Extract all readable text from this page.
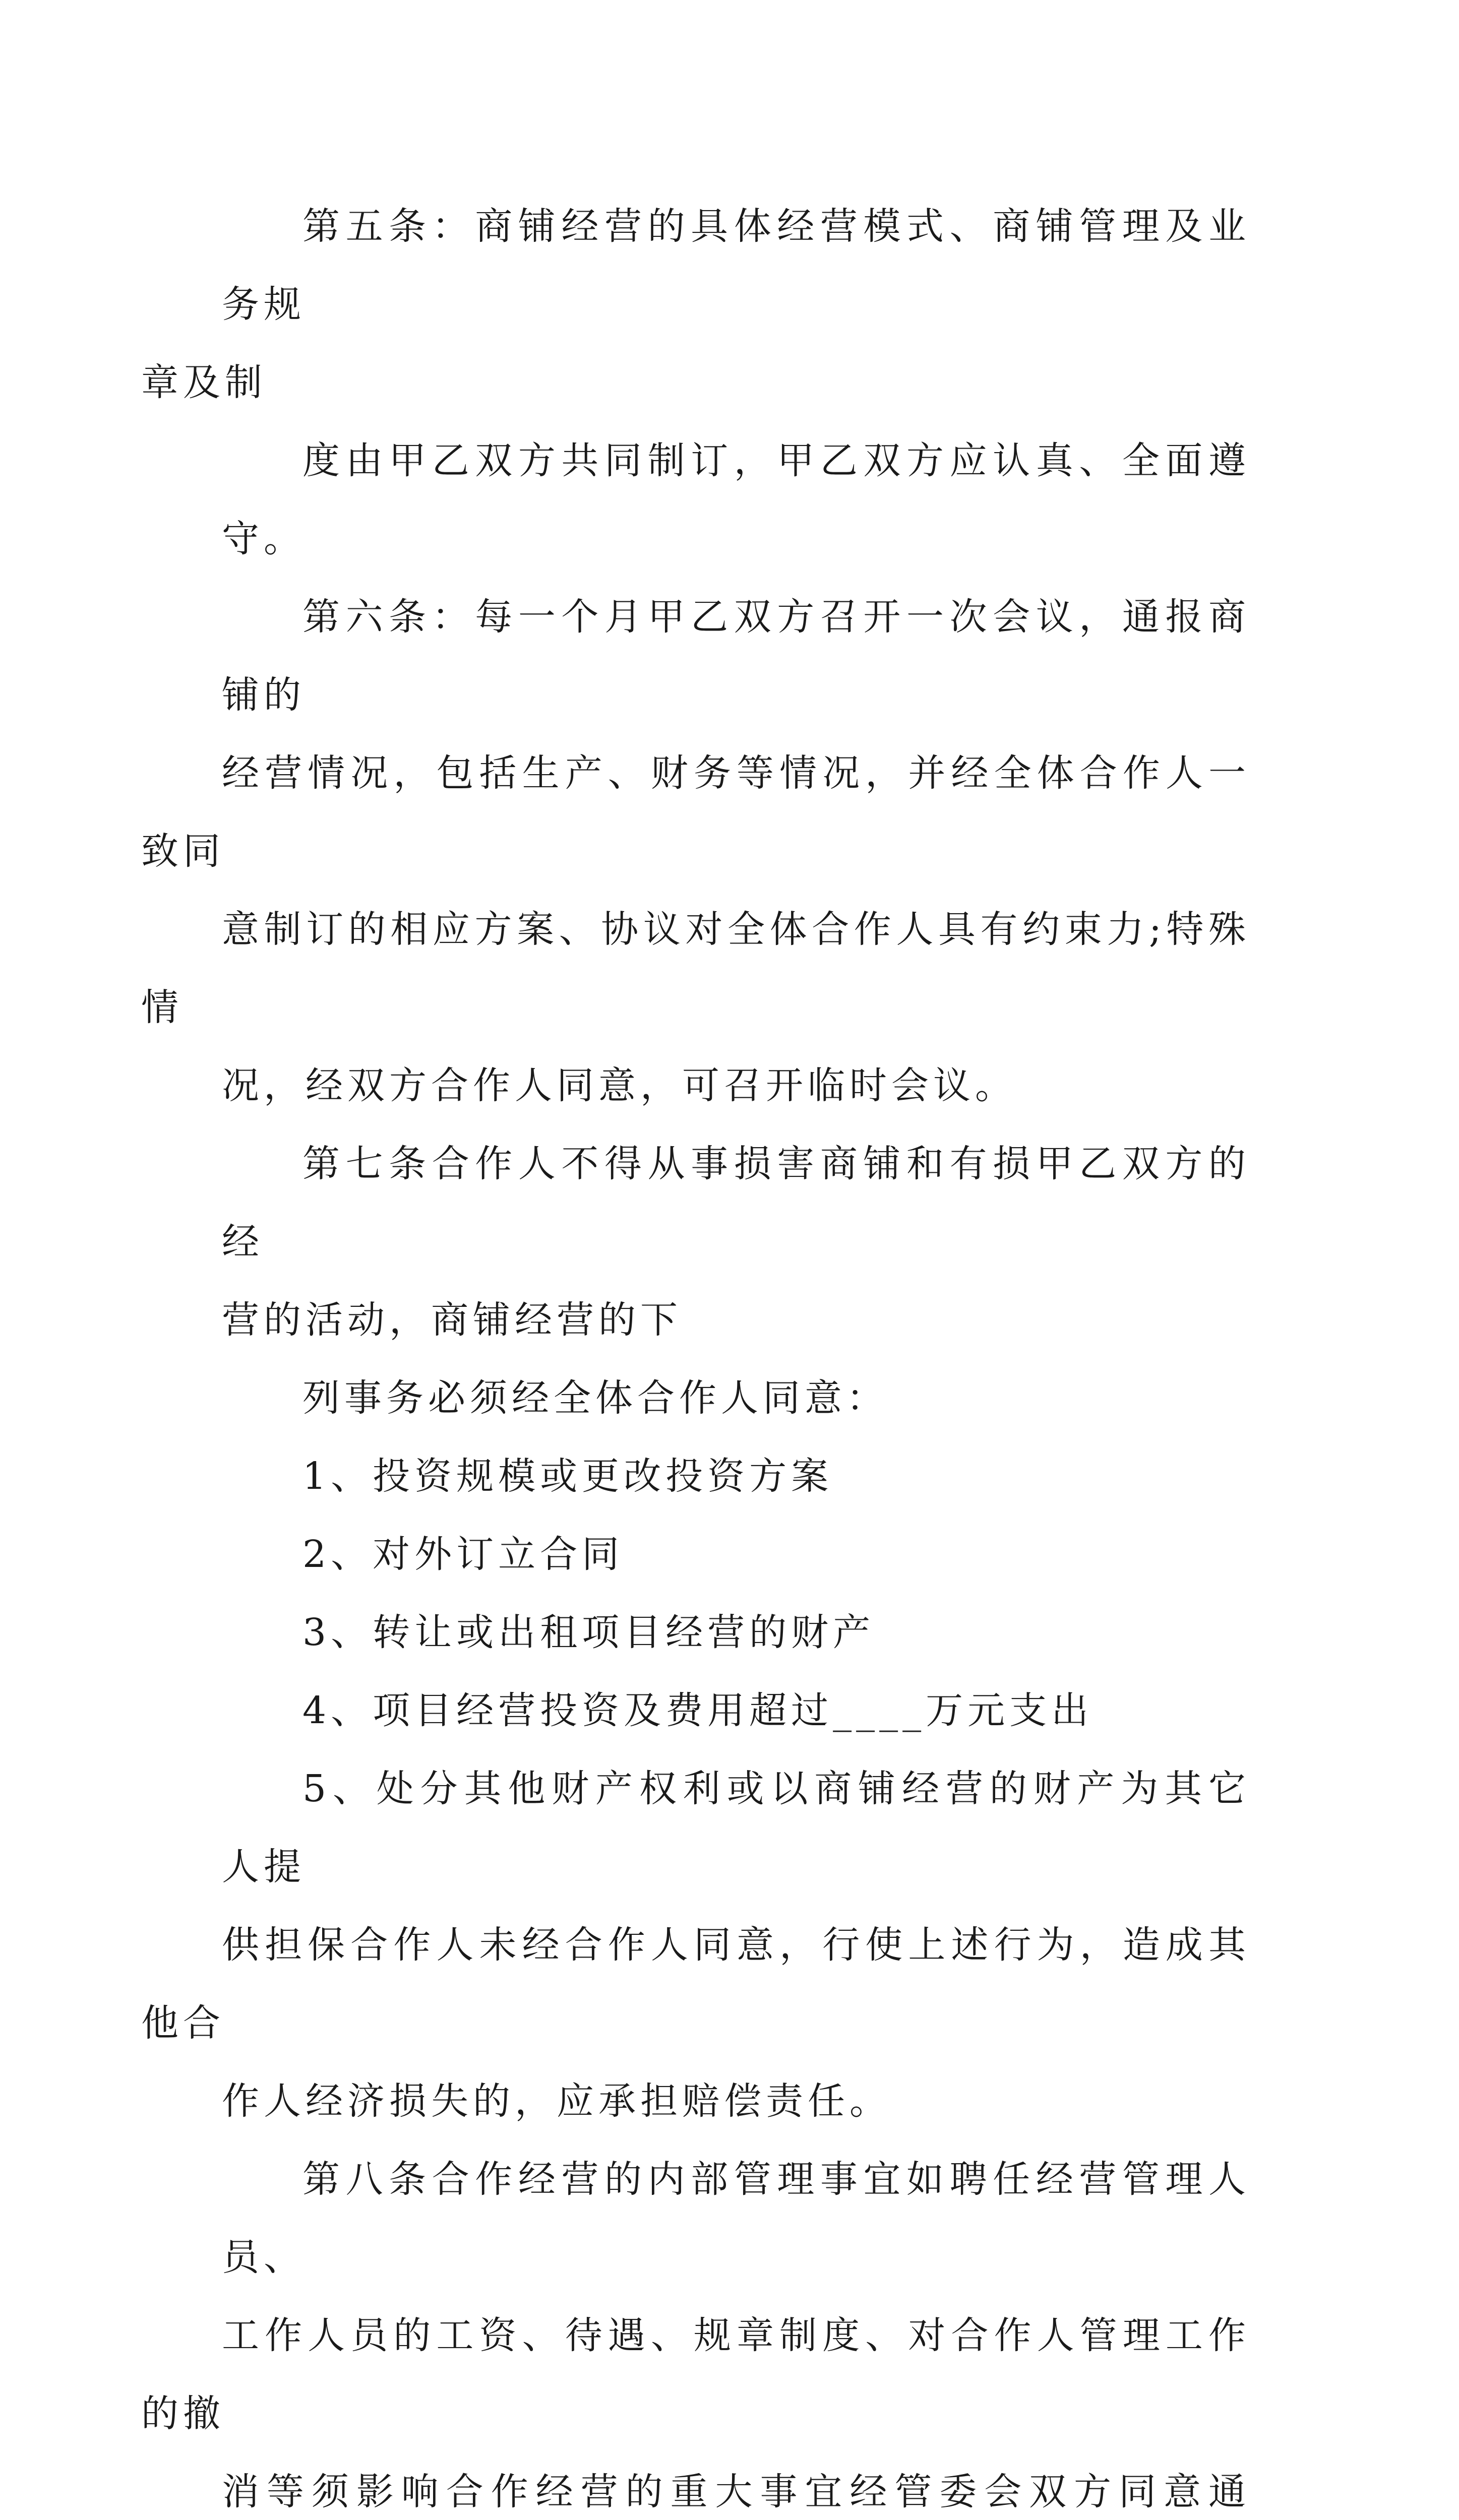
第五条：商铺经营的具体经营模式、商铺管理及业务规
章及制
度由甲乙双方共同制订，甲乙双方应认真、全面遵守。
第六条：每一个月甲乙双方召开一次会议，通报商铺的
经营情况，包括生产、财务等情况，并经全体合作人一致同
意制订的相应方案、协议对全体合作人具有约束力;特殊情
况，经双方合作人同意，可召开临时会议。
第七条合作人不得从事损害商铺和有损甲乙双方的经
营的活动，商铺经营的下
列事务必须经全体合作人同意：
1、投资规模或更改投资方案
2、对外订立合同
3、转让或出租项目经营的财产
4、项目经营投资及费用超过____万元支出
5、处分其他财产权利或以商铺经营的财产为其它人提
供担保合作人未经合作人同意，行使上述行为，造成其他合
作人经济损失的，应承担赔偿责任。
第八条合作经营的内部管理事宜如聘任经营管理人员、
工作人员的工资、待遇、规章制度、对合作人管理工作的撤
消等须影响合作经营的重大事宜经管委会双方同意通
